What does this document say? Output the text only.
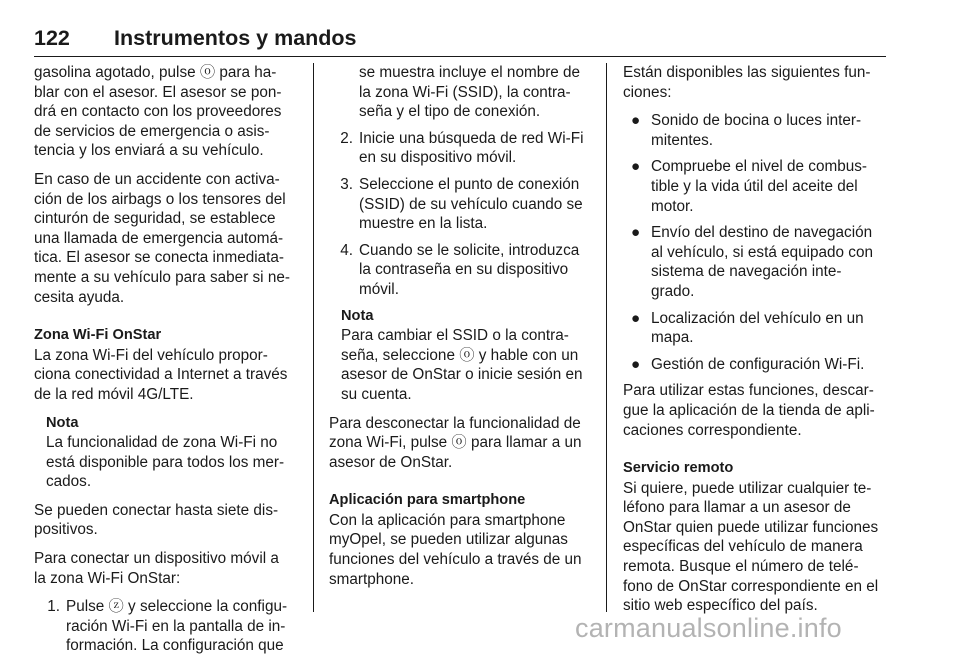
122 Instrumentos y mandos

gasolina agotado, pulse ⓞ para ha-
blar con el asesor. El asesor se pon-
drá en contacto con los proveedores
de servicios de emergencia o asis-
tencia y los enviará a su vehículo.

En caso de un accidente con activa-
ción de los airbags o los tensores del
cinturón de seguridad, se establece
una llamada de emergencia automá-
tica. El asesor se conecta inmediata-
mente a su vehículo para saber si ne-
cesita ayuda.

Zona Wi-Fi OnStar

La zona Wi-Fi del vehículo propor-
ciona conectividad a Internet a través
de la red móvil 4G/LTE.

Nota

La funcionalidad de zona Wi-Fi no
está disponible para todos los mer-
cados.

Se pueden conectar hasta siete dis-
positivos.

Para conectar un dispositivo móvil a
la zona Wi-Fi OnStar:

1. Pulse ⓩ y seleccione la configu-
ración Wi-Fi en la pantalla de in-
formación. La configuración que
se muestra incluye el nombre de
la zona Wi-Fi (SSID), la contra-
seña y el tipo de conexión.
2. Inicie una búsqueda de red Wi-Fi
en su dispositivo móvil.
3. Seleccione el punto de conexión
(SSID) de su vehículo cuando se
muestre en la lista.
4. Cuando se le solicite, introduzca
la contraseña en su dispositivo
móvil.
Nota

Para cambiar el SSID o la contra-
seña, seleccione ⓞ y hable con un
asesor de OnStar o inicie sesión en
su cuenta.

Para desconectar la funcionalidad de
zona Wi-Fi, pulse ⓞ para llamar a un
asesor de OnStar.

Aplicación para smartphone

Con la aplicación para smartphone
myOpel, se pueden utilizar algunas
funciones del vehículo a través de un
smartphone.

Están disponibles las siguientes fun-
ciones:

● Sonido de bocina o luces inter-
mitentes.
● Compruebe el nivel de combus-
tible y la vida útil del aceite del
motor.
● Envío del destino de navegación
al vehículo, si está equipado con
sistema de navegación inte-
grado.
● Localización del vehículo en un
mapa.
● Gestión de configuración Wi-Fi.

Para utilizar estas funciones, descar-
gue la aplicación de la tienda de apli-
caciones correspondiente.

Servicio remoto

Si quiere, puede utilizar cualquier te-
léfono para llamar a un asesor de
OnStar quien puede utilizar funciones
específicas del vehículo de manera
remota. Busque el número de telé-
fono de OnStar correspondiente en el
sitio web específico del país.

carmanualsonline.info
